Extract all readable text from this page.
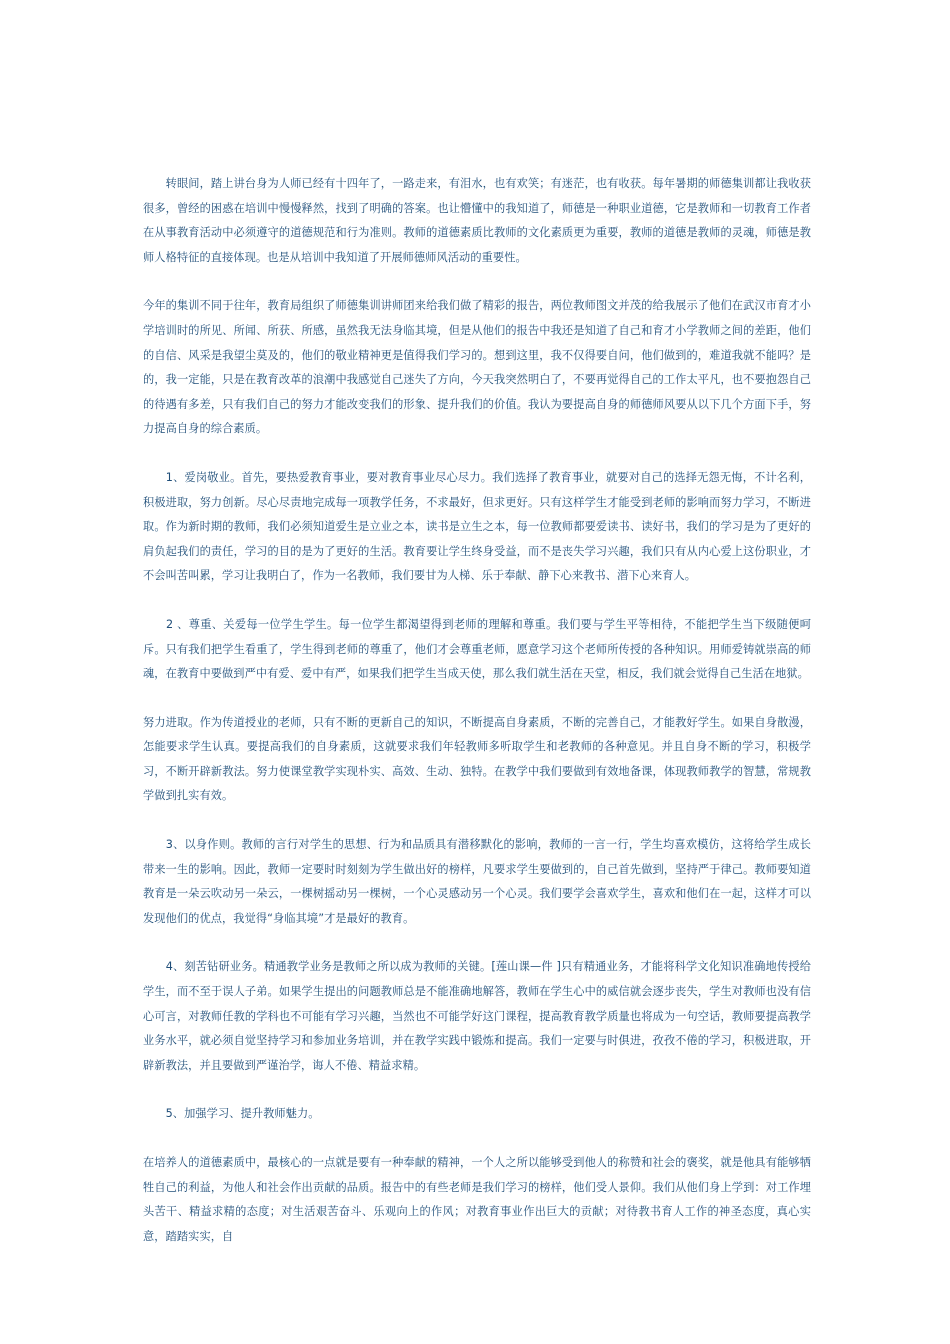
　　转眼间，踏上讲台身为人师已经有十四年了，一路走来，有泪水，也有欢笑；有迷茫，也有收获。每年暑期的师德集训都让我收获很多，曾经的困惑在培训中慢慢释然，找到了明确的答案。也让懵懂中的我知道了，师德是一种职业道德，它是教师和一切教育工作者在从事教育活动中必须遵守的道德规范和行为准则。教师的道德素质比教师的文化素质更为重要，教师的道德是教师的灵魂，师德是教师人格特征的直接体现。也是从培训中我知道了开展师德师风活动的重要性。

今年的集训不同于往年，教育局组织了师德集训讲师团来给我们做了精彩的报告，两位教师图文并茂的给我展示了他们在武汉市育才小学培训时的所见、所闻、所获、所感，虽然我无法身临其境，但是从他们的报告中我还是知道了自己和育才小学教师之间的差距，他们的自信、风采是我望尘莫及的，他们的敬业精神更是值得我们学习的。想到这里，我不仅得要自问，他们做到的，难道我就不能吗？是的，我一定能，只是在教育改革的浪潮中我感觉自己迷失了方向，今天我突然明白了，不要再觉得自己的工作太平凡，也不要抱怨自己的待遇有多差，只有我们自己的努力才能改变我们的形象、提升我们的价值。我认为要提高自身的师德师风要从以下几个方面下手，努力提高自身的综合素质。

　　1、爱岗敬业。首先，要热爱教育事业，要对教育事业尽心尽力。我们选择了教育事业，就要对自己的选择无怨无悔，不计名利，积极进取，努力创新。尽心尽责地完成每一项教学任务，不求最好，但求更好。只有这样学生才能受到老师的影响而努力学习，不断进取。作为新时期的教师，我们必须知道爱生是立业之本，读书是立生之本，每一位教师都要爱读书、读好书，我们的学习是为了更好的肩负起我们的责任，学习的目的是为了更好的生活。教育要让学生终身受益，而不是丧失学习兴趣，我们只有从内心爱上这份职业，才不会叫苦叫累，学习让我明白了，作为一名教师，我们要甘为人梯、乐于奉献、静下心来教书、潜下心来育人。

　　2 、尊重、关爱每一位学生学生。每一位学生都渴望得到老师的理解和尊重。我们要与学生平等相待，不能把学生当下级随便呵斥。只有我们把学生看重了，学生得到老师的尊重了，他们才会尊重老师，愿意学习这个老师所传授的各种知识。用师爱铸就崇高的师魂，在教育中要做到严中有爱、爱中有严，如果我们把学生当成天使，那么我们就生活在天堂，相反，我们就会觉得自己生活在地狱。

努力进取。作为传道授业的老师，只有不断的更新自己的知识，不断提高自身素质，不断的完善自己，才能教好学生。如果自身散漫，怎能要求学生认真。要提高我们的自身素质，这就要求我们年轻教师多听取学生和老教师的各种意见。并且自身不断的学习，积极学习，不断开辟新教法。努力使课堂教学实现朴实、高效、生动、独特。在教学中我们要做到有效地备课，体现教师教学的智慧，常规教学做到扎实有效。

　　3、以身作则。教师的言行对学生的思想、行为和品质具有潜移默化的影响，教师的一言一行，学生均喜欢模仿，这将给学生成长带来一生的影响。因此，教师一定要时时刻刻为学生做出好的榜样，凡要求学生要做到的，自己首先做到，坚持严于律己。教师要知道教育是一朵云吹动另一朵云，一棵树摇动另一棵树，一个心灵感动另一个心灵。我们要学会喜欢学生，喜欢和他们在一起，这样才可以发现他们的优点，我觉得“身临其境”才是最好的教育。

　　4、刻苦钻研业务。精通教学业务是教师之所以成为教师的关键。[莲山课—件 ]只有精通业务，才能将科学文化知识准确地传授给学生，而不至于误人子弟。如果学生提出的问题教师总是不能准确地解答，教师在学生心中的威信就会逐步丧失，学生对教师也没有信心可言，对教师任教的学科也不可能有学习兴趣，当然也不可能学好这门课程，提高教育教学质量也将成为一句空话，教师要提高教学业务水平，就必须自觉坚持学习和参加业务培训，并在教学实践中锻炼和提高。我们一定要与时俱进，孜孜不倦的学习，积极进取，开辟新教法，并且要做到严谨治学，诲人不倦、精益求精。

　　5、加强学习、提升教师魅力。

在培养人的道德素质中，最核心的一点就是要有一种奉献的精神，一个人之所以能够受到他人的称赞和社会的褒奖，就是他具有能够牺牲自己的利益，为他人和社会作出贡献的品质。报告中的有些老师是我们学习的榜样，他们受人景仰。我们从他们身上学到：对工作埋头苦干、精益求精的态度；对生活艰苦奋斗、乐观向上的作风；对教育事业作出巨大的贡献；对待教书育人工作的神圣态度，真心实意，踏踏实实，自
